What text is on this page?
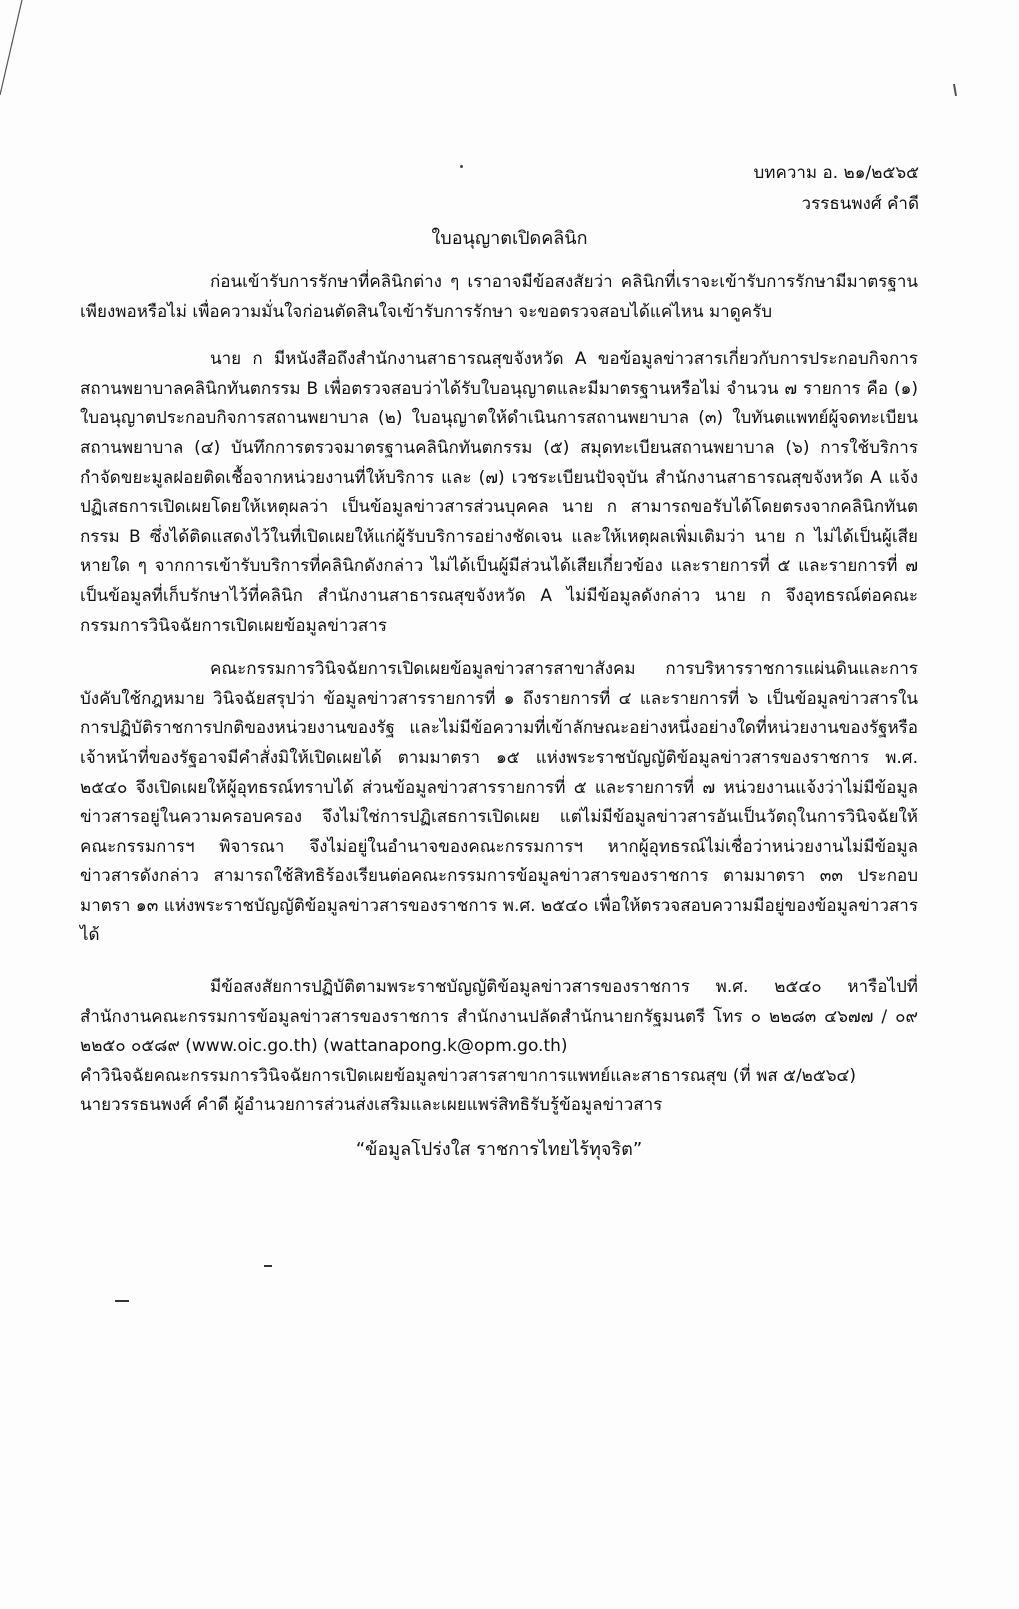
บทความ อ. ๒๑/๒๕๖๕
วรรธนพงศ์ คำดี
ใบอนุญาตเปิดคลินิก

ก่อนเข้ารับการรักษาที่คลินิกต่าง ๆ เราอาจมีข้อสงสัยว่า คลินิกที่เราจะเข้ารับการรักษามีมาตรฐานเพียงพอหรือไม่ เพื่อความมั่นใจก่อนตัดสินใจเข้ารับการรักษา จะขอตรวจสอบได้แค่ไหน มาดูครับ

นาย ก มีหนังสือถึงสำนักงานสาธารณสุขจังหวัด A ขอข้อมูลข่าวสารเกี่ยวกับการประกอบกิจการสถานพยาบาลคลินิกทันตกรรม B เพื่อตรวจสอบว่าได้รับใบอนุญาตและมีมาตรฐานหรือไม่ จำนวน ๗ รายการ คือ (๑) ใบอนุญาตประกอบกิจการสถานพยาบาล (๒) ใบอนุญาตให้ดำเนินการสถานพยาบาล (๓) ใบทันตแพทย์ผู้จดทะเบียนสถานพยาบาล (๔) บันทึกการตรวจมาตรฐานคลินิกทันตกรรม (๕) สมุดทะเบียนสถานพยาบาล (๖) การใช้บริการกำจัดขยะมูลฝอยติดเชื้อจากหน่วยงานที่ให้บริการ และ (๗) เวชระเบียนปัจจุบัน สำนักงานสาธารณสุขจังหวัด A แจ้งปฏิเสธการเปิดเผยโดยให้เหตุผลว่า เป็นข้อมูลข่าวสารส่วนบุคคล นาย ก สามารถขอรับได้โดยตรงจากคลินิกทันตกรรม B ซึ่งได้ติดแสดงไว้ในที่เปิดเผยให้แก่ผู้รับบริการอย่างชัดเจน และให้เหตุผลเพิ่มเติมว่า นาย ก ไม่ได้เป็นผู้เสียหายใด ๆ จากการเข้ารับบริการที่คลินิกดังกล่าว ไม่ได้เป็นผู้มีส่วนได้เสียเกี่ยวข้อง และรายการที่ ๕ และรายการที่ ๗ เป็นข้อมูลที่เก็บรักษาไว้ที่คลินิก สำนักงานสาธารณสุขจังหวัด A ไม่มีข้อมูลดังกล่าว นาย ก จึงอุทธรณ์ต่อคณะกรรมการวินิจฉัยการเปิดเผยข้อมูลข่าวสาร

คณะกรรมการวินิจฉัยการเปิดเผยข้อมูลข่าวสารสาขาสังคม การบริหารราชการแผ่นดินและการบังคับใช้กฎหมาย วินิจฉัยสรุปว่า ข้อมูลข่าวสารรายการที่ ๑ ถึงรายการที่ ๔ และรายการที่ ๖ เป็นข้อมูลข่าวสารในการปฏิบัติราชการปกติของหน่วยงานของรัฐ และไม่มีข้อความที่เข้าลักษณะอย่างหนึ่งอย่างใดที่หน่วยงานของรัฐหรือเจ้าหน้าที่ของรัฐอาจมีคำสั่งมิให้เปิดเผยได้ ตามมาตรา ๑๕ แห่งพระราชบัญญัติข้อมูลข่าวสารของราชการ พ.ศ. ๒๕๔๐ จึงเปิดเผยให้ผู้อุทธรณ์ทราบได้ ส่วนข้อมูลข่าวสารรายการที่ ๕ และรายการที่ ๗ หน่วยงานแจ้งว่าไม่มีข้อมูลข่าวสารอยู่ในความครอบครอง จึงไม่ใช่การปฏิเสธการเปิดเผย แต่ไม่มีข้อมูลข่าวสารอันเป็นวัตถุในการวินิจฉัยให้คณะกรรมการฯ พิจารณา จึงไม่อยู่ในอำนาจของคณะกรรมการฯ หากผู้อุทธรณ์ไม่เชื่อว่าหน่วยงานไม่มีข้อมูลข่าวสารดังกล่าว สามารถใช้สิทธิร้องเรียนต่อคณะกรรมการข้อมูลข่าวสารของราชการ ตามมาตรา ๓๓ ประกอบมาตรา ๑๓ แห่งพระราชบัญญัติข้อมูลข่าวสารของราชการ พ.ศ. ๒๕๔๐ เพื่อให้ตรวจสอบความมีอยู่ของข้อมูลข่าวสารได้

มีข้อสงสัยการปฏิบัติตามพระราชบัญญัติข้อมูลข่าวสารของราชการ พ.ศ. ๒๕๔๐ หารือไปที่สำนักงานคณะกรรมการข้อมูลข่าวสารของราชการ สำนักงานปลัดสำนักนายกรัฐมนตรี โทร ๐ ๒๒๘๓ ๔๖๗๗ / ๐๙ ๒๒๕๐ ๐๕๘๙ (www.oic.go.th) (wattanapong.k@opm.go.th)

คำวินิจฉัยคณะกรรมการวินิจฉัยการเปิดเผยข้อมูลข่าวสารสาขาการแพทย์และสาธารณสุข (ที่ พส ๕/๒๕๖๔)

นายวรรธนพงศ์ คำดี ผู้อำนวยการส่วนส่งเสริมและเผยแพร่สิทธิรับรู้ข้อมูลข่าวสาร

“ข้อมูลโปร่งใส ราชการไทยไร้ทุจริต”
